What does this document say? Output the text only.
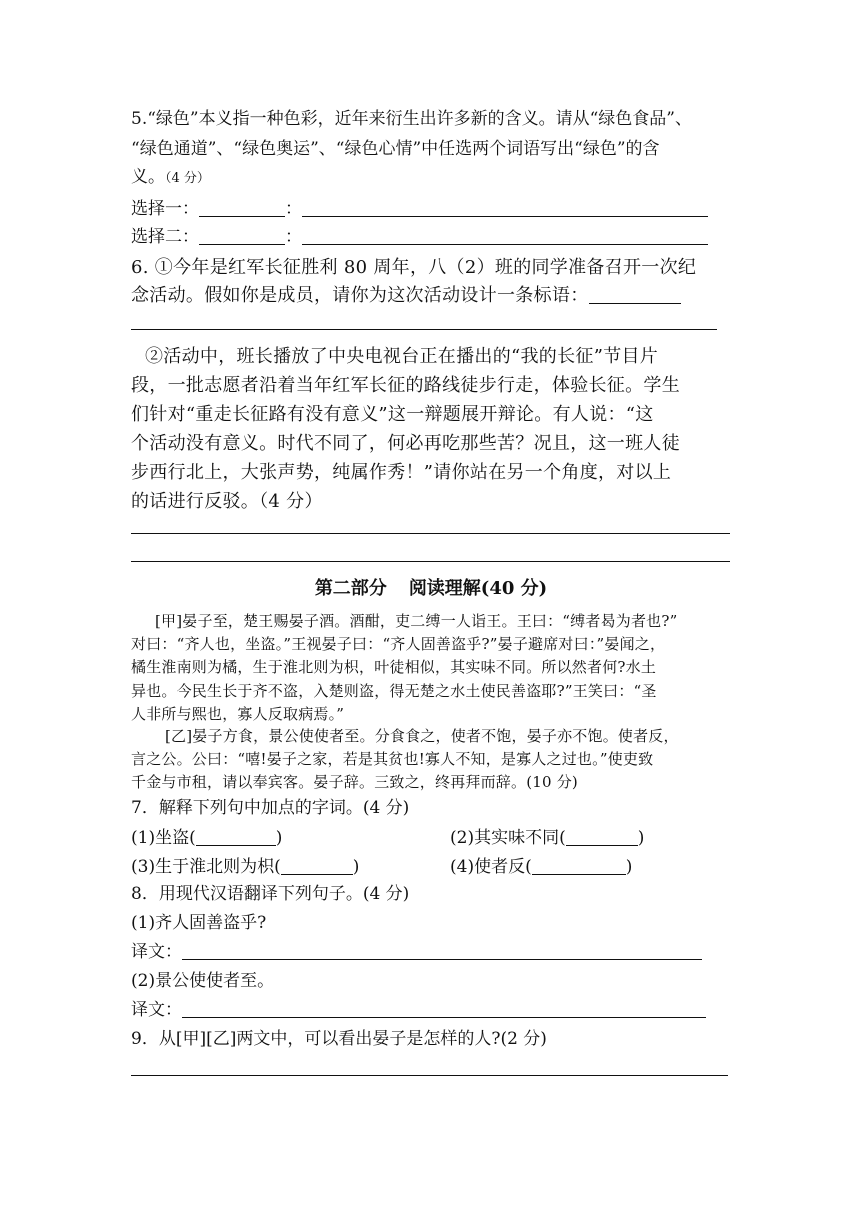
5.“绿色”本义指一种色彩，近年来衍生出许多新的含义。请从“绿色食品”、
“绿色通道”、“绿色奥运”、“绿色心情”中任选两个词语写出“绿色”的含
义。（4 分）
选择一：	：
选择二：	：
6. ①今年是红军长征胜利 80 周年，八（2）班的同学准备召开一次纪
念活动。假如你是成员，请你为这次活动设计一条标语：
②活动中，班长播放了中央电视台正在播出的“我的长征”节目片
段，一批志愿者沿着当年红军长征的路线徒步行走，体验长征。学生
们针对“重走长征路有没有意义”这一辩题展开辩论。有人说：“这
个活动没有意义。时代不同了，何必再吃那些苦？况且，这一班人徒
步西行北上，大张声势，纯属作秀！”请你站在另一个角度，对以上
的话进行反驳。（4 分）
第二部分 阅读理解(40 分)
[甲]晏子至，楚王赐晏子酒。酒酣，吏二缚一人诣王。王曰：“缚者曷为者也?”
对曰：“齐人也，坐盗。”王视晏子曰：“齐人固善盗乎?”晏子避席对曰：”晏闻之，
橘生淮南则为橘，生于淮北则为枳，叶徒相似，其实味不同。所以然者何?水土
异也。今民生长于齐不盗，入楚则盗，得无楚之水土使民善盗耶?”王笑曰：“圣
人非所与熙也，寡人反取病焉。”
[乙]晏子方食，景公使使者至。分食食之，使者不饱，晏子亦不饱。使者反，
言之公。公曰：“嘻!晏子之家，若是其贫也!寡人不知，是寡人之过也。”使吏致
千金与市租，请以奉宾客。晏子辞。三致之，终再拜而辞。(10 分)
7．解释下列句中加点的字词。(4 分)
(1)坐盗(	)	(2)其实味不同(	)
(3)生于淮北则为枳(	)	(4)使者反(	)
8．用现代汉语翻译下列句子。(4 分)
(1)齐人固善盗乎?
译文：
(2)景公使使者至。
译文：
9．从[甲][乙]两文中，可以看出晏子是怎样的人?(2 分)
